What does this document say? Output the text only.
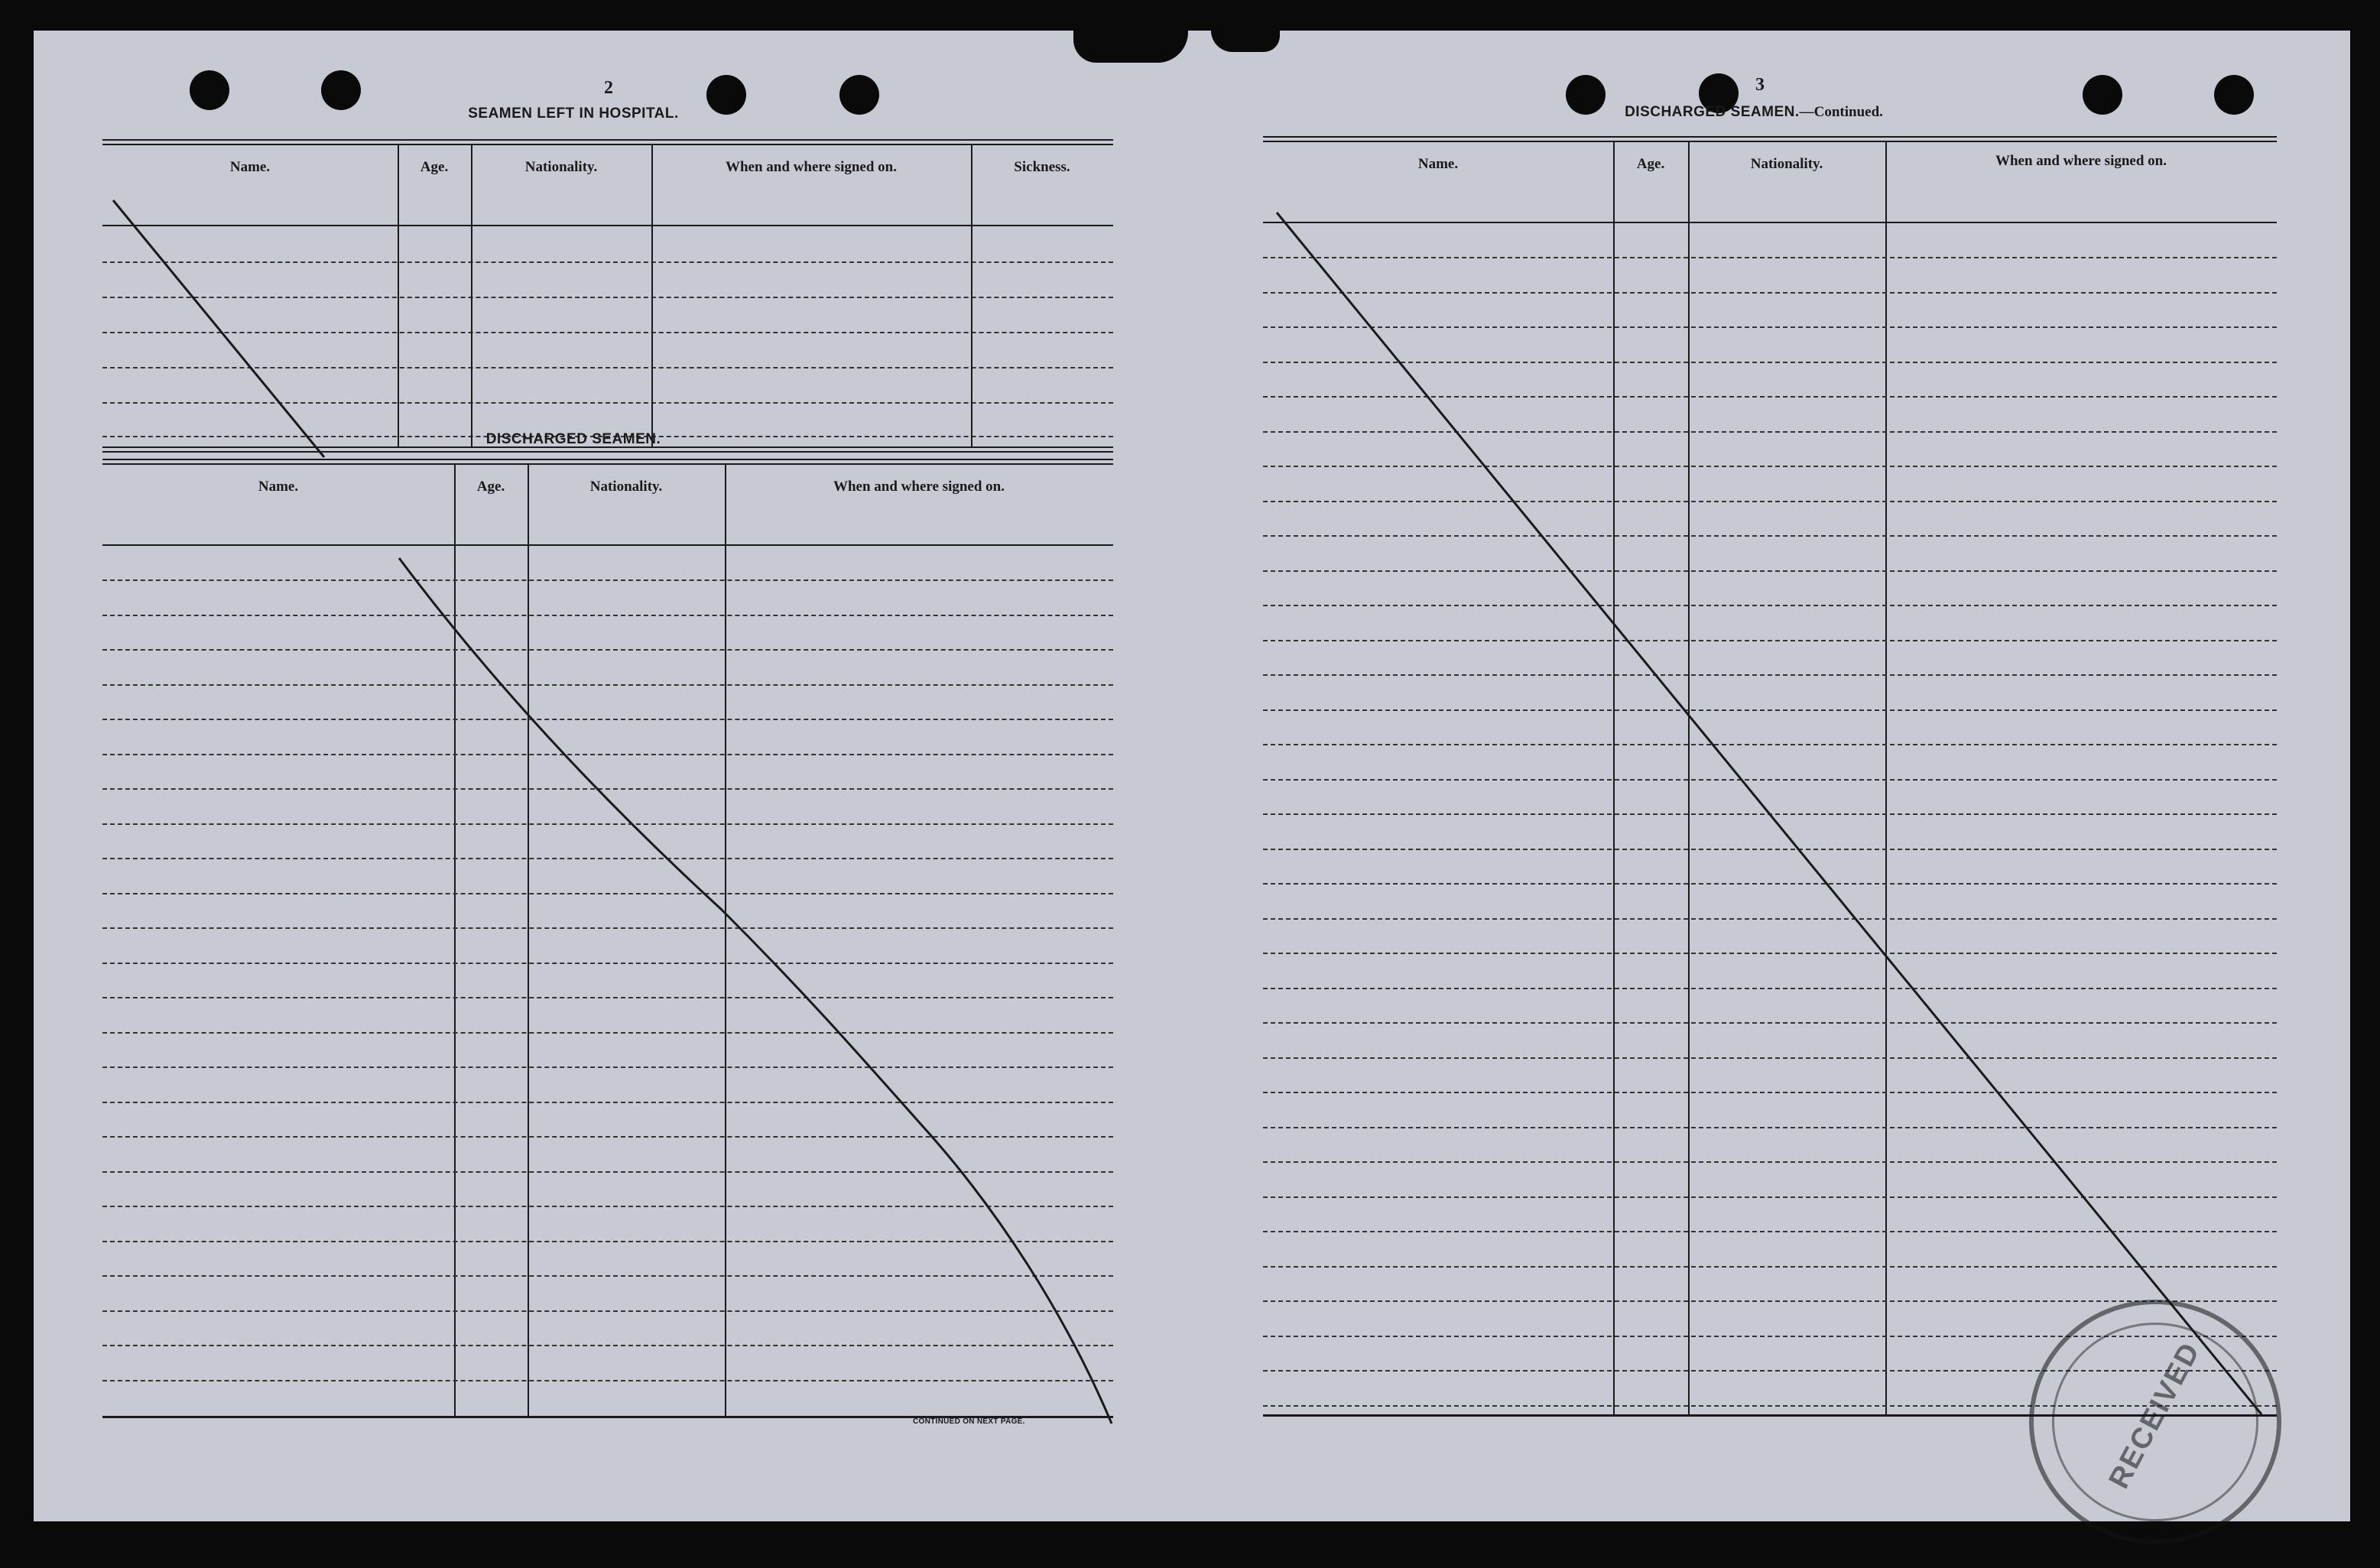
2
SEAMEN LEFT IN HOSPITAL.
Name.	Age.	Nationality.	When and where signed on.	Sickness.
DISCHARGED SEAMEN.
Name.	Age.	Nationality.	When and where signed on.
CONTINUED ON NEXT PAGE.
3
DISCHARGED SEAMEN.—Continued.
Name.	Age.	Nationality.	When and where signed on.
RECEIVED
